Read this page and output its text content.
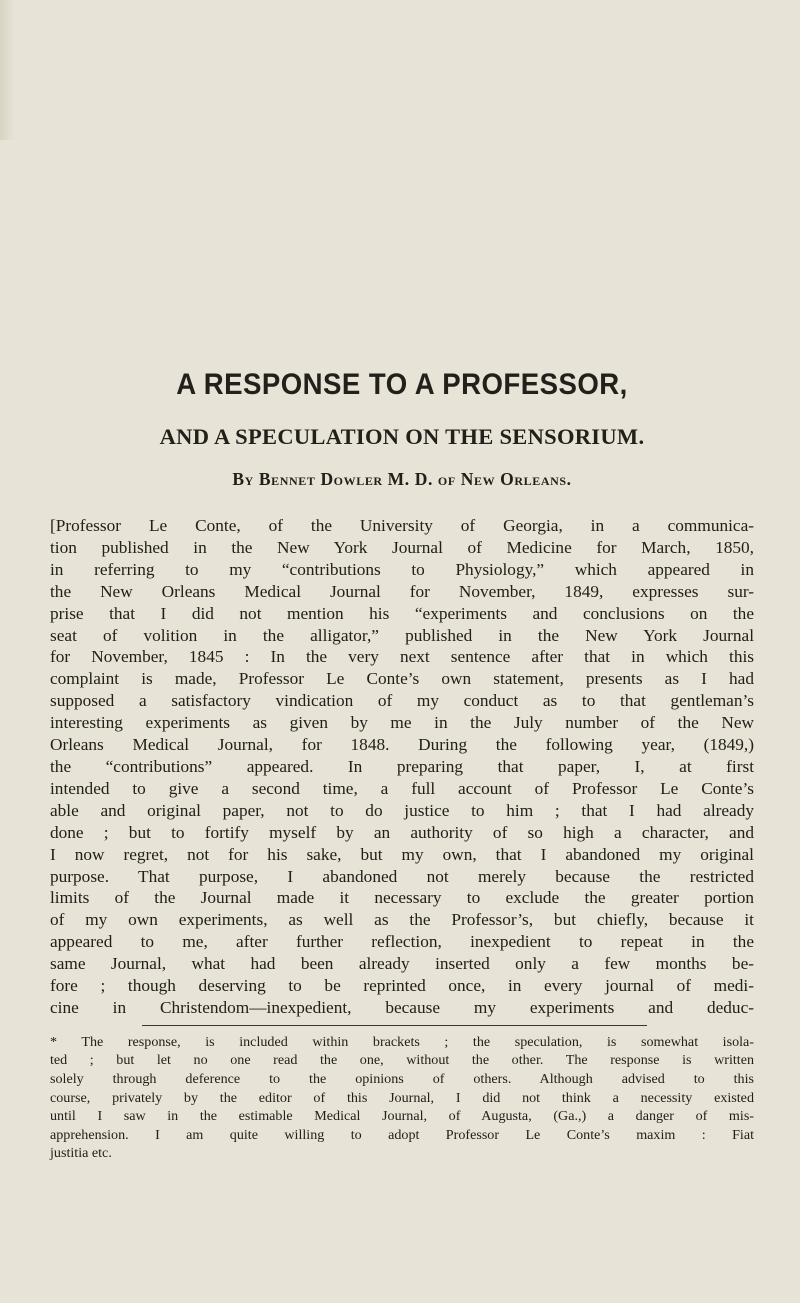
A RESPONSE TO A PROFESSOR,
AND A SPECULATION ON THE SENSORIUM.
By Bennet Dowler M. D. of New Orleans.
[Professor Le Conte, of the University of Georgia, in a communica-
tion published in the New York Journal of Medicine for March, 1850,
in referring to my “contributions to Physiology,” which appeared in
the New Orleans Medical Journal for November, 1849, expresses sur-
prise that I did not mention his “experiments and conclusions on the
seat of volition in the alligator,” published in the New York Journal
for November, 1845 : In the very next sentence after that in which this
complaint is made, Professor Le Conte’s own statement, presents as I had
supposed a satisfactory vindication of my conduct as to that gentleman’s
interesting experiments as given by me in the July number of the New
Orleans Medical Journal, for 1848. During the following year, (1849,)
the “contributions” appeared. In preparing that paper, I, at first
intended to give a second time, a full account of Professor Le Conte’s
able and original paper, not to do justice to him ; that I had already
done ; but to fortify myself by an authority of so high a character, and
I now regret, not for his sake, but my own, that I abandoned my original
purpose. That purpose, I abandoned not merely because the restricted
limits of the Journal made it necessary to exclude the greater portion
of my own experiments, as well as the Professor’s, but chiefly, because it
appeared to me, after further reflection, inexpedient to repeat in the
same Journal, what had been already inserted only a few months be-
fore ; though deserving to be reprinted once, in every journal of medi-
cine in Christendom—inexpedient, because my experiments and deduc-
* The response, is included within brackets ; the speculation, is somewhat isola-
ted ; but let no one read the one, without the other. The response is written
solely through deference to the opinions of others. Although advised to this
course, privately by the editor of this Journal, I did not think a necessity existed
until I saw in the estimable Medical Journal, of Augusta, (Ga.,) a danger of mis-
apprehension. I am quite willing to adopt Professor Le Conte’s maxim : Fiat
justitia etc.
